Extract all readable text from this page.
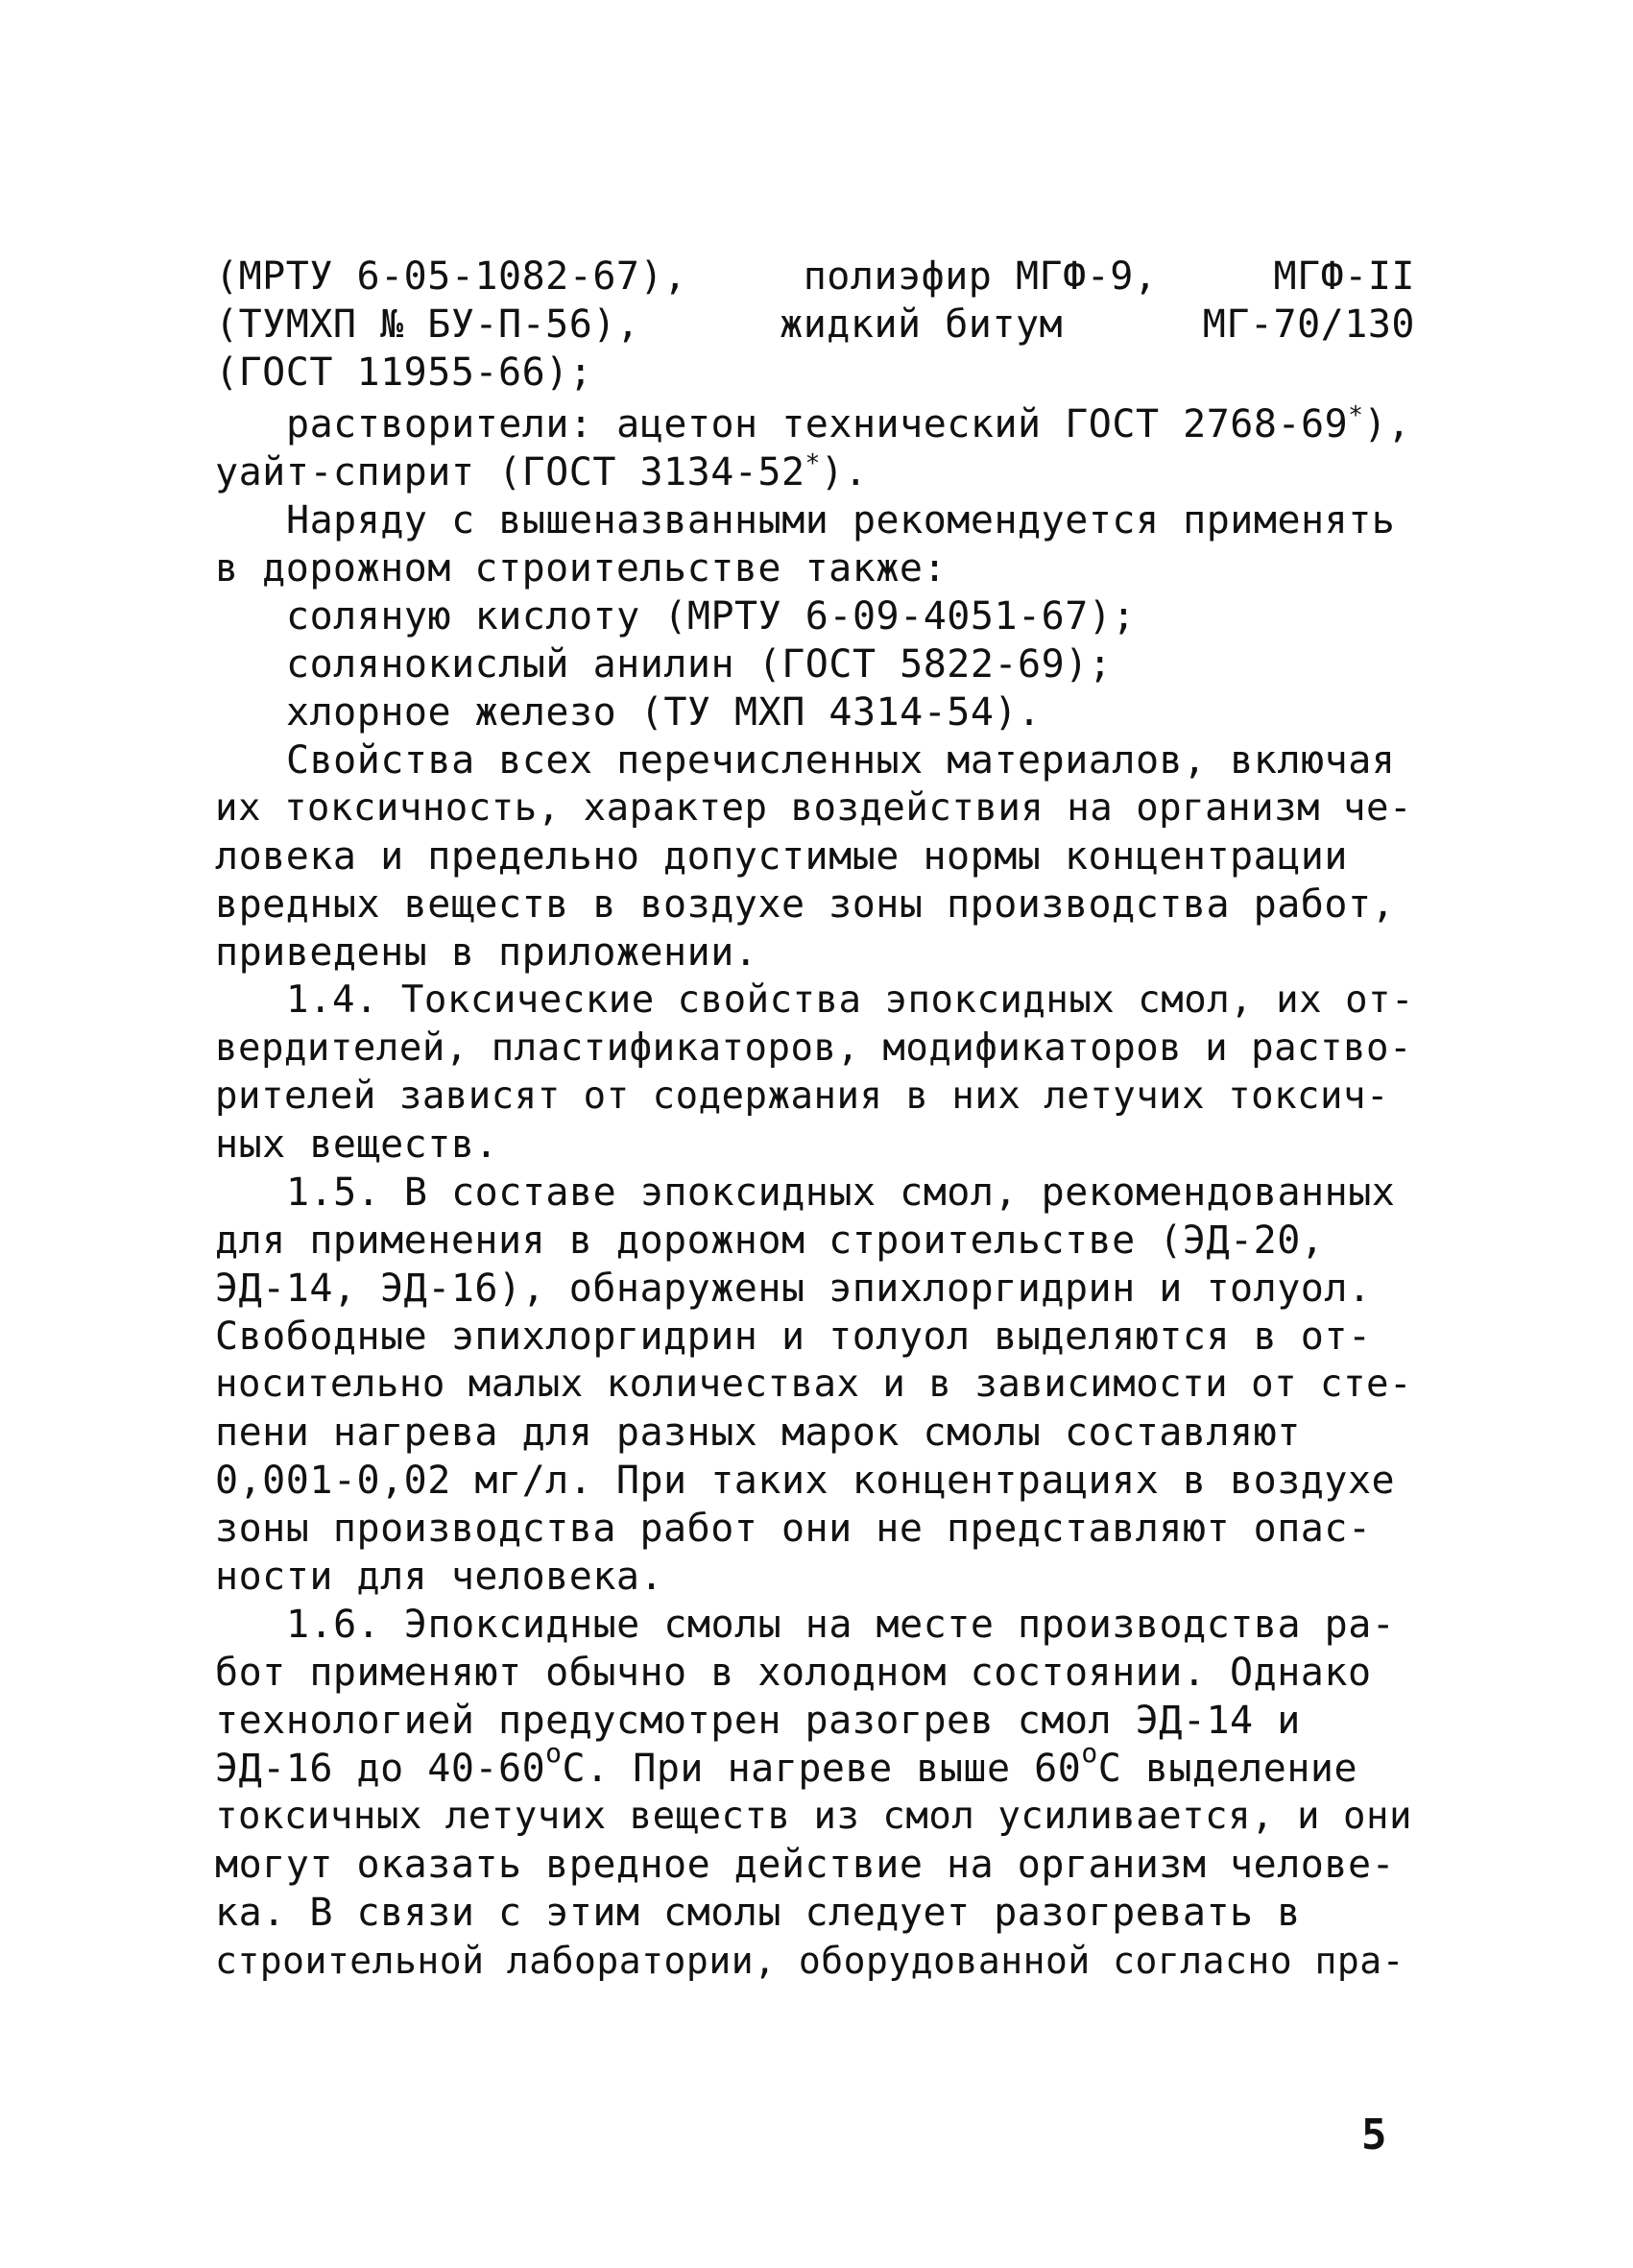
(МРТУ 6-05-1082-67),	полиэфир МГФ-9,	МГФ-II
(ТУМХП № БУ-П-56),	жидкий битум	МГ-70/130
(ГОСТ 11955-66);
растворители: ацетон технический ГОСТ 2768-69*),
уайт-спирит (ГОСТ 3134-52*).
Наряду с вышеназванными рекомендуется применять
в дорожном строительстве также:
соляную кислоту (МРТУ 6-09-4051-67);
солянокислый анилин (ГОСТ 5822-69);
хлорное железо (ТУ МХП 4314-54).
Свойства всех перечисленных материалов, включая
их токсичность, характер воздействия на организм че-
ловека и предельно допустимые нормы концентрации
вредных веществ в воздухе зоны производства работ,
приведены в приложении.
1.4. Токсические свойства эпоксидных смол, их от-
вердителей, пластификаторов, модификаторов и раство-
рителей зависят от содержания в них летучих токсич-
ных веществ.
1.5. В составе эпоксидных смол, рекомендованных
для применения в дорожном строительстве (ЭД-20,
ЭД-14, ЭД-16), обнаружены эпихлоргидрин и толуол.
Свободные эпихлоргидрин и толуол выделяются в от-
носительно малых количествах и в зависимости от сте-
пени нагрева для разных марок смолы составляют
0,001-0,02 мг/л. При таких концентрациях в воздухе
зоны производства работ они не представляют опас-
ности для человека.
1.6. Эпоксидные смолы на месте производства ра-
бот применяют обычно в холодном состоянии. Однако
технологией предусмотрен разогрев смол ЭД-14 и
ЭД-16 до 40-60$^o$С. При нагреве выше 60$^o$С выделение
токсичных летучих веществ из смол усиливается, и они
могут оказать вредное действие на организм челове-
ка. В связи с этим смолы следует разогревать в
строительной лаборатории, оборудованной согласно пра-
5
